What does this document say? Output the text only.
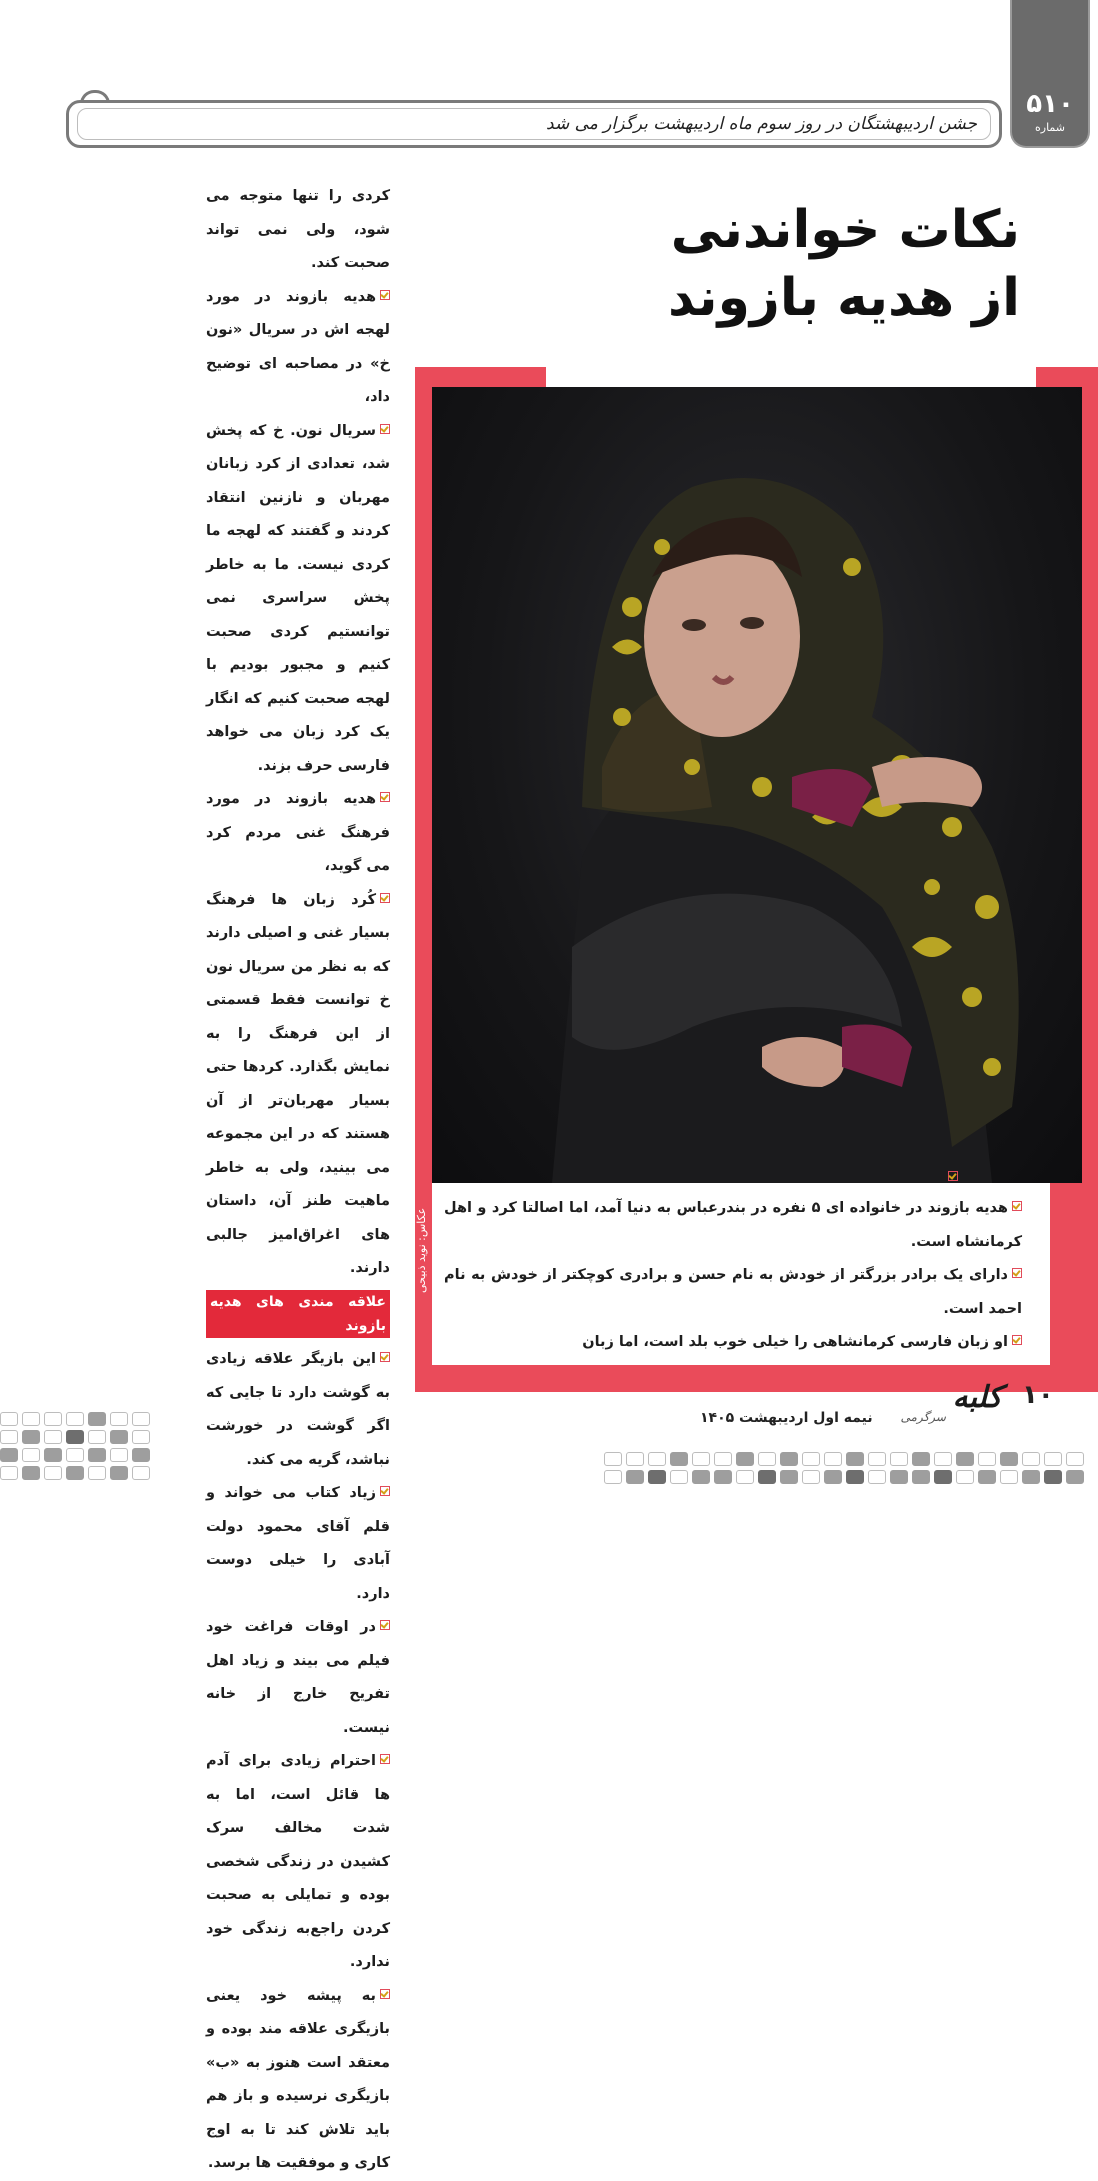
۵۱۰
شماره
جشن اردیبهشتگان در روز سوم ماه اردیبهشت برگزار می شد
نکات خواندنی
از هدیه بازوند
عکاس: نوید ذبیحی
کردی را تنها متوجه می شود، ولی نمی تواند صحبت کند.
هدیه بازوند در مورد لهجه اش در سریال «نون خ» در مصاحبه ای توضیح داد،
سریال نون. خ که پخش شد، تعدادی از کرد زبانان مهربان و نازنین انتقاد کردند و گفتند که لهجه ما کردی نیست. ما به خاطر پخش سراسری نمی توانستیم کردی صحبت کنیم و مجبور بودیم با لهجه صحبت کنیم که انگار یک کرد زبان می خواهد فارسی حرف بزند.
هدیه بازوند در مورد فرهنگ غنی مردم کرد می گوید،
کُرد زبان ها فرهنگ بسیار غنی و اصیلی دارند که به نظر من سریال نون خ توانست فقط قسمتی از این فرهنگ را به نمایش بگذارد. کردها حتی بسیار مهربان‌تر از آن هستند که در این مجموعه می بینید، ولی به خاطر ماهیت طنز آن، داستان های اغراق‌امیز جالبی دارند.
علاقه مندی های هدیه بازوند
این بازیگر علاقه زیادی به گوشت دارد تا جایی که اگر گوشت در خورشت نباشد، گریه می کند.
زیاد کتاب می خواند و قلم آقای محمود دولت آبادی را خیلی دوست دارد.
در اوقات فراغت خود فیلم می بیند و زیاد اهل تفریح خارج از خانه نیست.
احترام زیادی برای آدم ها قائل است، اما به شدت مخالف سرک کشیدن در زندگی شخصی بوده و تمایلی به صحبت کردن راجع‌به زندگی خود ندارد.
به پیشه خود یعنی بازیگری علاقه مند بوده و معتقد است هنوز به «ب» بازیگری نرسیده و باز هم باید تلاش کند تا به اوج کاری و موفقیت ها برسد.
هدیه بازوند در خانواده ای ۵ نفره در بندرعباس به دنیا آمد، اما اصالتا کرد و اهل کرمانشاه است.
دارای یک برادر بزرگتر از خودش به نام حسن و برادری کوچکتر از خودش به نام احمد است.
او زبان فارسی کرمانشاهی را خیلی خوب بلد است، اما زبان
۱۰
کلبه
سرگرمی
نیمه اول اردیبهشت ۱۴۰۵
